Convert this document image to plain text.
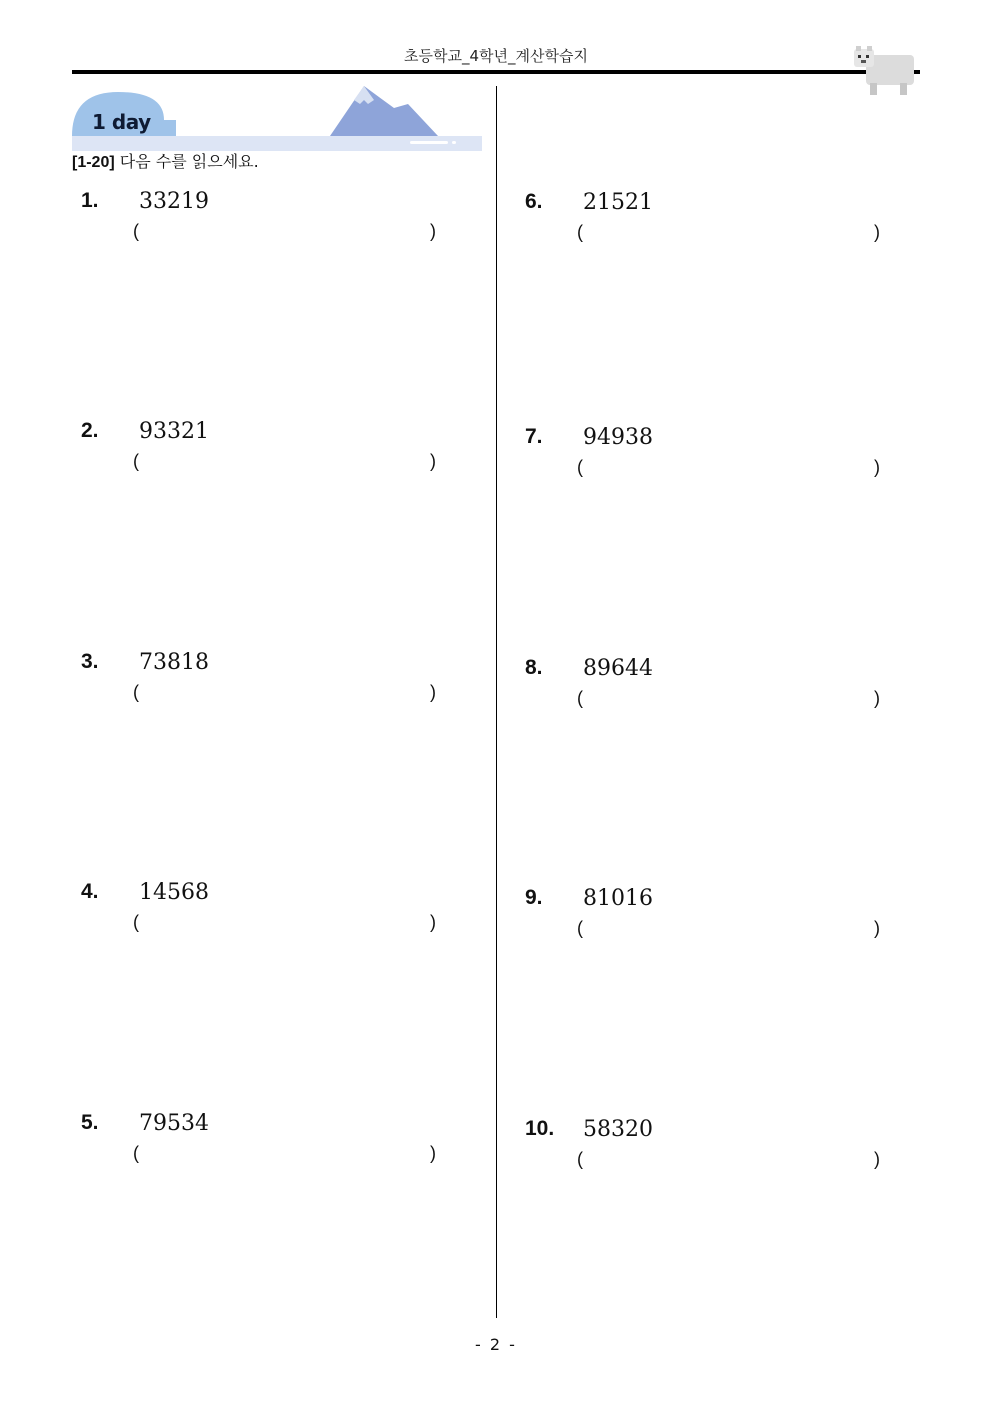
초등학교_4학년_계산학습지
1 day
[1-20] 다음 수를 읽으세요.
1. 33219
(	)
2. 93321
(	)
3. 73818
(	)
4. 14568
(	)
5. 79534
(	)
6. 21521
(	)
7. 94938
(	)
8. 89644
(	)
9. 81016
(	)
10. 58320
(	)
- 2 -
